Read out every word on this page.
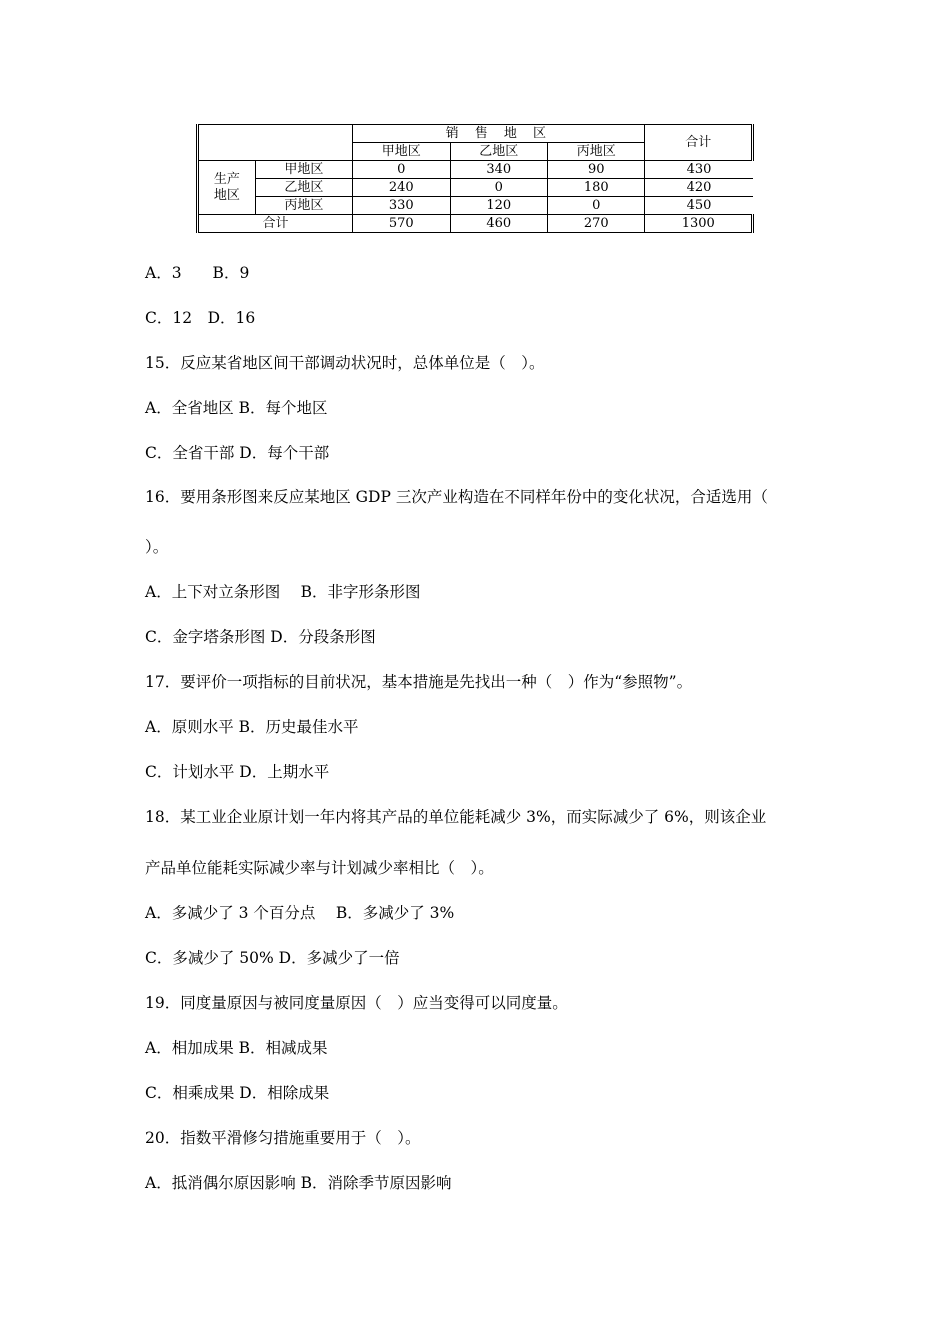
		销 售 地 区			合计
		甲地区	乙地区	丙地区	
生产
地区	甲地区	0	340	90	430
	乙地区	240	0	180	420
	丙地区	330	120	0	450
合计		570	460	270	1300
A．3　　B．9
C．12　D．16
15．反应某省地区间干部调动状况时，总体单位是（　）。
A．全省地区 B．每个地区
C．全省干部 D．每个干部
16．要用条形图来反应某地区 GDP 三次产业构造在不同样年份中的变化状况，合适选用（
）。
A．上下对立条形图　 B．非字形条形图
C．金字塔条形图 D．分段条形图
17．要评价一项指标的目前状况，基本措施是先找出一种（　）作为“参照物”。
A．原则水平 B．历史最佳水平
C．计划水平 D．上期水平
18．某工业企业原计划一年内将其产品的单位能耗减少 3%，而实际减少了 6%，则该企业
产品单位能耗实际减少率与计划减少率相比（　）。
A．多减少了 3 个百分点　 B．多减少了 3%
C．多减少了 50% D．多减少了一倍
19．同度量原因与被同度量原因（　）应当变得可以同度量。
A．相加成果 B．相减成果
C．相乘成果 D．相除成果
20．指数平滑修匀措施重要用于（　）。
A．抵消偶尔原因影响 B．消除季节原因影响
